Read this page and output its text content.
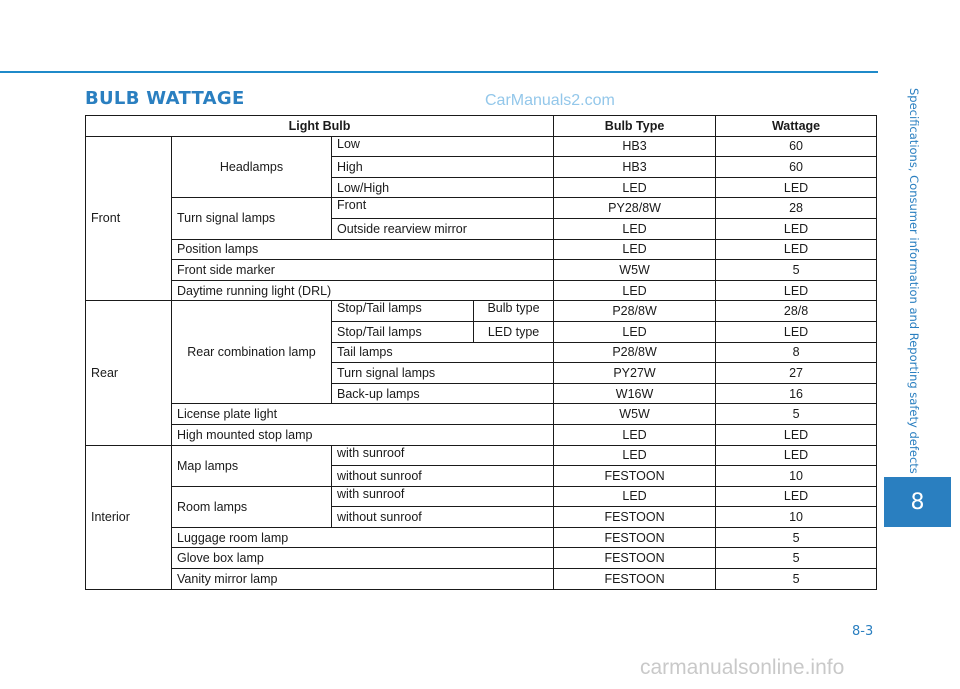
BULB WATTAGE	CarManuals2.com	Specifications, Consumer information and Reporting safety defects
8
8-3
carmanualsonline.info
Light Bulb				Bulb Type	Wattage
Front	Headlamps	Low		HB3	60
		High		HB3	60
		Low/High		LED	LED
	Turn signal lamps	Front		PY28/8W	28
		Outside rearview mirror		LED	LED
	Position lamps			LED	LED
	Front side marker			W5W	5
	Daytime running light (DRL)			LED	LED
Rear	Rear combination lamp	Stop/Tail lamps	Bulb type	P28/8W	28/8
		Stop/Tail lamps	LED type	LED	LED
		Tail lamps		P28/8W	8
		Turn signal lamps		PY27W	27
		Back-up lamps		W16W	16
	License plate light			W5W	5
	High mounted stop lamp			LED	LED
Interior	Map lamps	with sunroof		LED	LED
		without sunroof		FESTOON	10
	Room lamps	with sunroof		LED	LED
		without sunroof		FESTOON	10
	Luggage room lamp			FESTOON	5
	Glove box lamp			FESTOON	5
	Vanity mirror lamp			FESTOON	5
